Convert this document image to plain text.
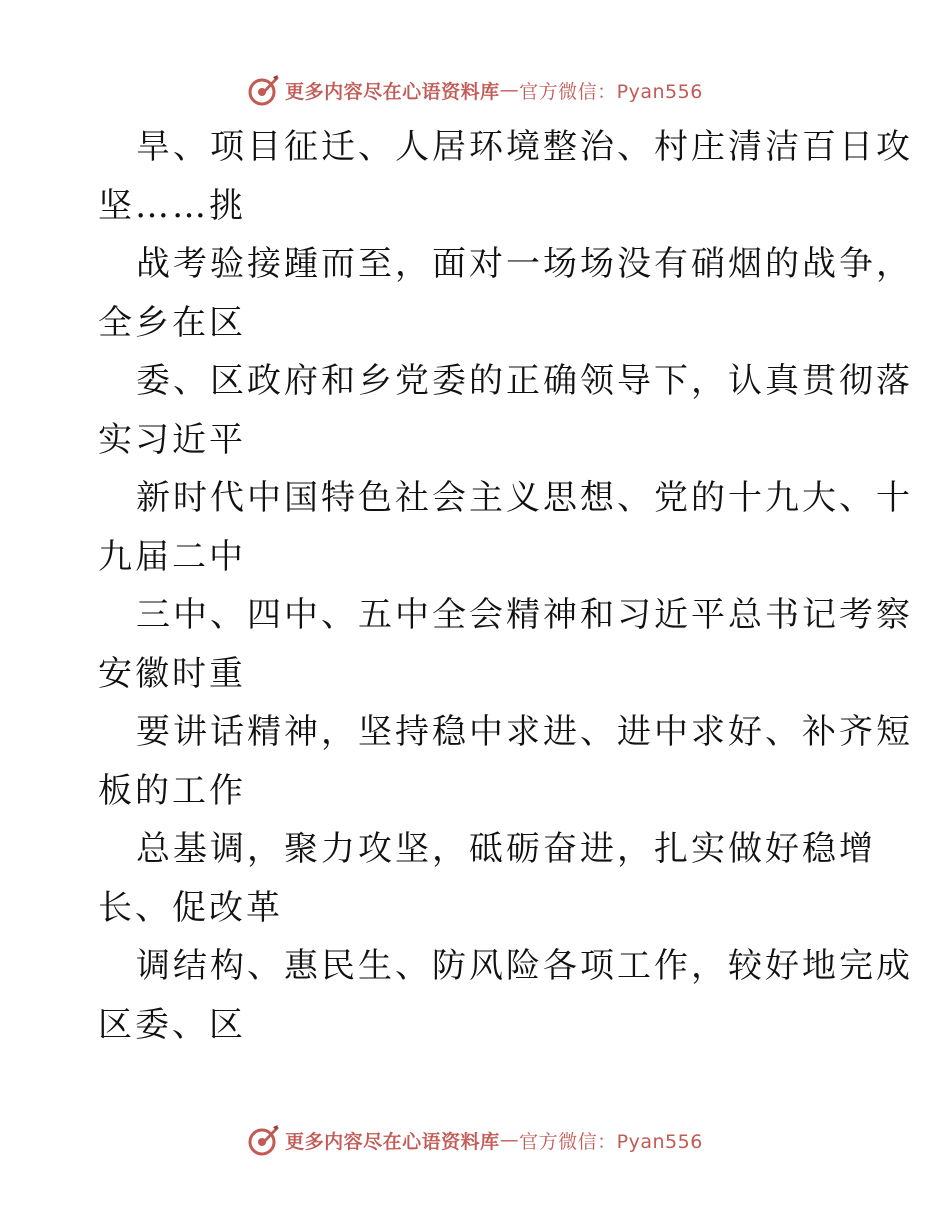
更多内容尽在心语资料库 — 官方微信：Pyan556
旱、项目征迁、人居环境整治、村庄清洁百日攻
坚……挑
战考验接踵而至，面对一场场没有硝烟的战争，
全乡在区
委、区政府和乡党委的正确领导下，认真贯彻落
实习近平
新时代中国特色社会主义思想、党的十九大、十
九届二中
三中、四中、五中全会精神和习近平总书记考察
安徽时重
要讲话精神，坚持稳中求进、进中求好、补齐短
板的工作
总基调，聚力攻坚，砥砺奋进，扎实做好稳增
长、促改革
调结构、惠民生、防风险各项工作，较好地完成
区委、区
更多内容尽在心语资料库 — 官方微信：Pyan556
